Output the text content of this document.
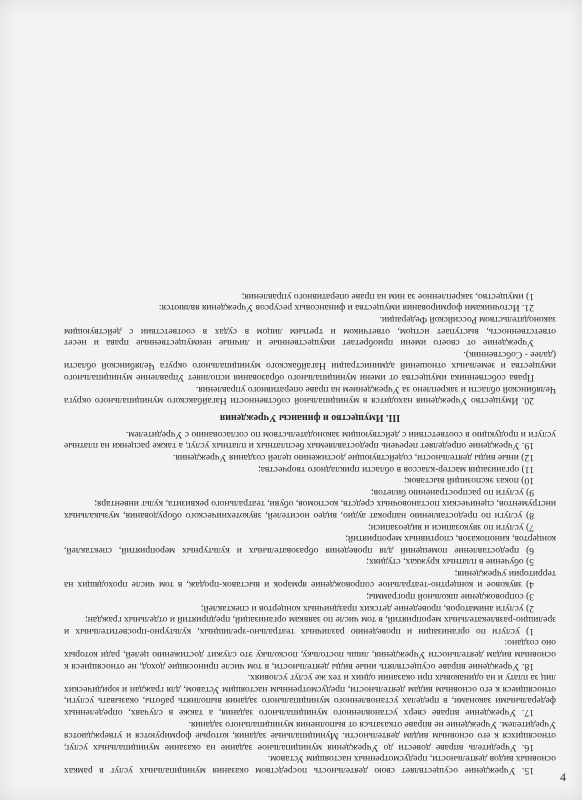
15. Учреждение осуществляет свою деятельность посредством оказания муниципальных услуг в рамках основных видов деятельности, предусмотренных настоящим Уставом.

16. Учредитель вправе довести до Учреждения муниципальное задание на оказание муниципальных услуг, относящихся к его основным видам деятельности. Муниципальные задания, которые формируются и утверждаются Учредителем. Учреждение не вправе отказаться от выполнения муниципального задания.

17. Учреждение вправе сверх установленного муниципального задания, а также в случаях, определенных федеральными законами, в пределах установленного муниципального задания выполнять работы, оказывать услуги, относящиеся к его основным видам деятельности, предусмотренным настоящим Уставом, для граждан и юридических лиц за плату и на одинаковых при оказании одних и тех же услуг условиях.

18. Учреждение вправе осуществлять иные виды деятельности, в том числе приносящие доход, не относящиеся к основным видам деятельности Учреждения, лишь постольку, поскольку это служит достижению целей, ради которых оно создано:

1) услуги по организации и проведению различных театрально-зрелищных, культурно-просветительных и зрелищно-развлекательных мероприятий, в том числе по заявкам организаций, предприятий и отдельных граждан;

2) услуги аниматоров, проведение детских праздничных концертов и спектаклей;

3) сопровождение школьной программы;

4) звуковое и концертно-театральное сопровождение ярмарок и выставок-продаж, в том числе проходящих на территории учреждения;

5) обучение в платных кружках, студиях;

6) предоставление помещений для проведения образовательных и культурных мероприятий, спектаклей, концертов, кинопоказов, спортивных мероприятий;

7) услуги по звукозаписи и видеозаписи;

8) услуги по предоставлению напрокат аудио, видео носителей, звукотехнического оборудования, музыкальных инструментов, сценических постановочных средств, костюмов, обуви, театрального реквизита, культ инвентаря;

9) услуги по распространению билетов;

10) показ экспозиций выставок;

11) организация мастер-классов в области прикладного творчества;

12) иные виды деятельности, содействующие достижению целей создания Учреждения.

19. Учреждение определяет перечень предоставляемых бесплатных и платных услуг, а также расценки на платные услуги и продукцию в соответствии с действующим законодательством по согласованию с Учредителем.

III. Имущество и финансы Учреждения

20. Имущество Учреждения находится в муниципальной собственности Нагайбакского муниципального округа Челябинской области и закреплено за Учреждением на праве оперативного управления.

Права собственника имущества от имени муниципального образования исполняет Управление муниципального имущества и земельных отношений администрации Нагайбакского муниципального округа Челябинской области (далее - Собственник).

Учреждение от своего имени приобретает имущественные и личные неимущественные права и несет ответственность, выступает истцом, ответчиком и третьим лицом в судах в соответствии с действующим законодательством Российской Федерации.

21. Источниками формирования имущества и финансовых ресурсов Учреждения являются:

1) имущество, закрепленное за ним на праве оперативного управления;

4
